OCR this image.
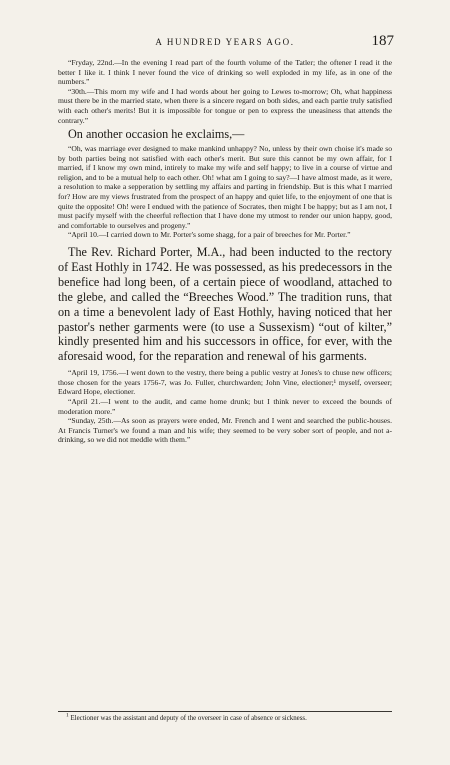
A HUNDRED YEARS AGO.	187

“Fryday, 22nd.—In the evening I read part of the fourth volume of the Tatler; the oftener I read it the better I like it. I think I never found the vice of drinking so well exploded in my life, as in one of the numbers.”

“30th.—This morn my wife and I had words about her going to Lewes to-morrow; Oh, what happiness must there be in the married state, when there is a sincere regard on both sides, and each partie truly satisfied with each other's merits! But it is impossible for tongue or pen to express the uneasiness that attends the contrary.”

On another occasion he exclaims,—

“Oh, was marriage ever designed to make mankind unhappy? No, unless by their own choise it's made so by both parties being not satisfied with each other's merit. But sure this cannot be my own affair, for I married, if I know my own mind, intirely to make my wife and self happy; to live in a course of virtue and religion, and to be a mutual help to each other. Oh! what am I going to say?—I have almost made, as it were, a resolution to make a sepperation by settling my affairs and parting in friendship. But is this what I married for? How are my views frustrated from the prospect of an happy and quiet life, to the enjoyment of one that is quite the opposite! Oh! were I endued with the patience of Socrates, then might I be happy; but as I am not, I must pacify myself with the cheerful reflection that I have done my utmost to render our union happy, good, and comfortable to ourselves and progeny.”

“April 10.—I carried down to Mr. Porter's some shagg, for a pair of breeches for Mr. Porter.”

The Rev. Richard Porter, M.A., had been inducted to the rectory of East Hothly in 1742. He was possessed, as his predecessors in the benefice had long been, of a certain piece of woodland, attached to the glebe, and called the “Breeches Wood.” The tradition runs, that on a time a benevolent lady of East Hothly, having noticed that her pastor's nether garments were (to use a Sussexism) “out of kilter,” kindly presented him and his successors in office, for ever, with the aforesaid wood, for the reparation and renewal of his garments.

“April 19, 1756.—I went down to the vestry, there being a public vestry at Jones's to chuse new officers; those chosen for the years 1756-7, was Jo. Fuller, churchwarden; John Vine, electioner;¹ myself, overseer; Edward Hope, electioner.

“April 21.—I went to the audit, and came home drunk; but I think never to exceed the bounds of moderation more.”

“Sunday, 25th.—As soon as prayers were ended, Mr. French and I went and searched the public-houses. At Francis Turner's we found a man and his wife; they seemed to be very sober sort of people, and not a-drinking, so we did not meddle with them.”

$^1$ Electioner was the assistant and deputy of the overseer in case of absence or sickness.
